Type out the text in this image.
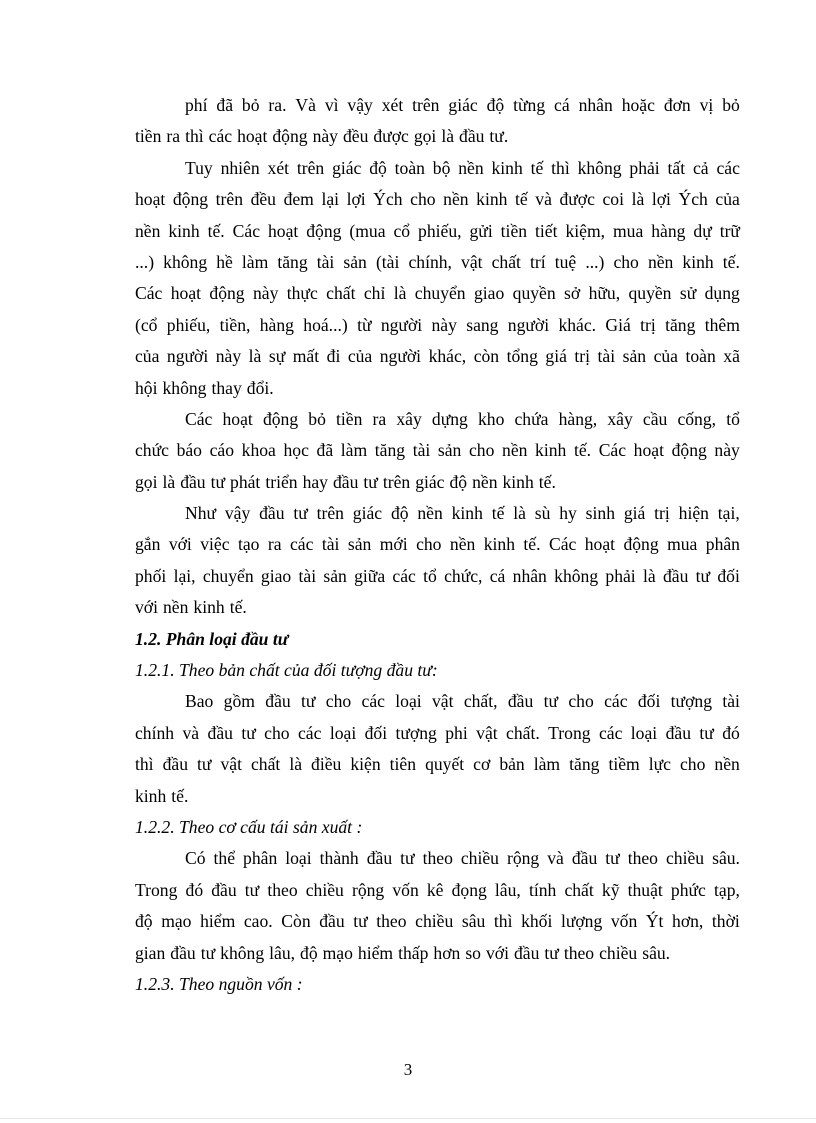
phí đã bỏ ra. Và vì vậy xét trên giác độ từng cá nhân hoặc đơn vị bỏ
tiền ra thì các hoạt động này đều được gọi là đầu tư.
Tuy nhiên xét trên giác độ toàn bộ nền kinh tế thì không phải tất cả các
hoạt động trên đều đem lại lợi Ých cho nền kinh tế và được coi là lợi Ých của
nền kinh tế. Các hoạt động (mua cổ phiếu, gửi tiền tiết kiệm, mua hàng dự trữ
...) không hề làm tăng tài sản (tài chính, vật chất trí tuệ ...) cho nền kinh tế.
Các hoạt động này thực chất chỉ là chuyển giao quyền sở hữu, quyền sử dụng
(cổ phiếu, tiền, hàng hoá...) từ người này sang người khác. Giá trị tăng thêm
của người này là sự mất đi của người khác, còn tổng giá trị tài sản của toàn xã
hội không thay đổi.
Các hoạt động bỏ tiền ra xây dựng kho chứa hàng, xây cầu cống, tổ
chức báo cáo khoa học đã làm tăng tài sản cho nền kinh tế. Các hoạt động này
gọi là đầu tư phát triển hay đầu tư trên giác độ nền kinh tế.
Như vậy đầu tư trên giác độ nền kinh tế là sù hy sinh giá trị hiện tại,
gắn với việc tạo ra các tài sản mới cho nền kinh tế. Các hoạt động mua phân
phối lại, chuyển giao tài sản giữa các tổ chức, cá nhân không phải là đầu tư đối
với nền kinh tế.
1.2. Phân loại đầu tư
1.2.1. Theo bản chất của đối tượng đầu tư:
Bao gồm đầu tư cho các loại vật chất, đầu tư cho các đối tượng tài
chính và đầu tư cho các loại đối tượng phi vật chất. Trong các loại đầu tư đó
thì đầu tư vật chất là điều kiện tiên quyết cơ bản làm tăng tiềm lực cho nền
kinh tế.
1.2.2. Theo cơ cấu tái sản xuất :
Có thể phân loại thành đầu tư theo chiều rộng và đầu tư theo chiều sâu.
Trong đó đầu tư theo chiều rộng vốn kê đọng lâu, tính chất kỹ thuật phức tạp,
độ mạo hiểm cao. Còn đầu tư theo chiều sâu thì khối lượng vốn Ýt hơn, thời
gian đầu tư không lâu, độ mạo hiểm thấp hơn so với đầu tư theo chiều sâu.
1.2.3. Theo nguồn vốn :
3
